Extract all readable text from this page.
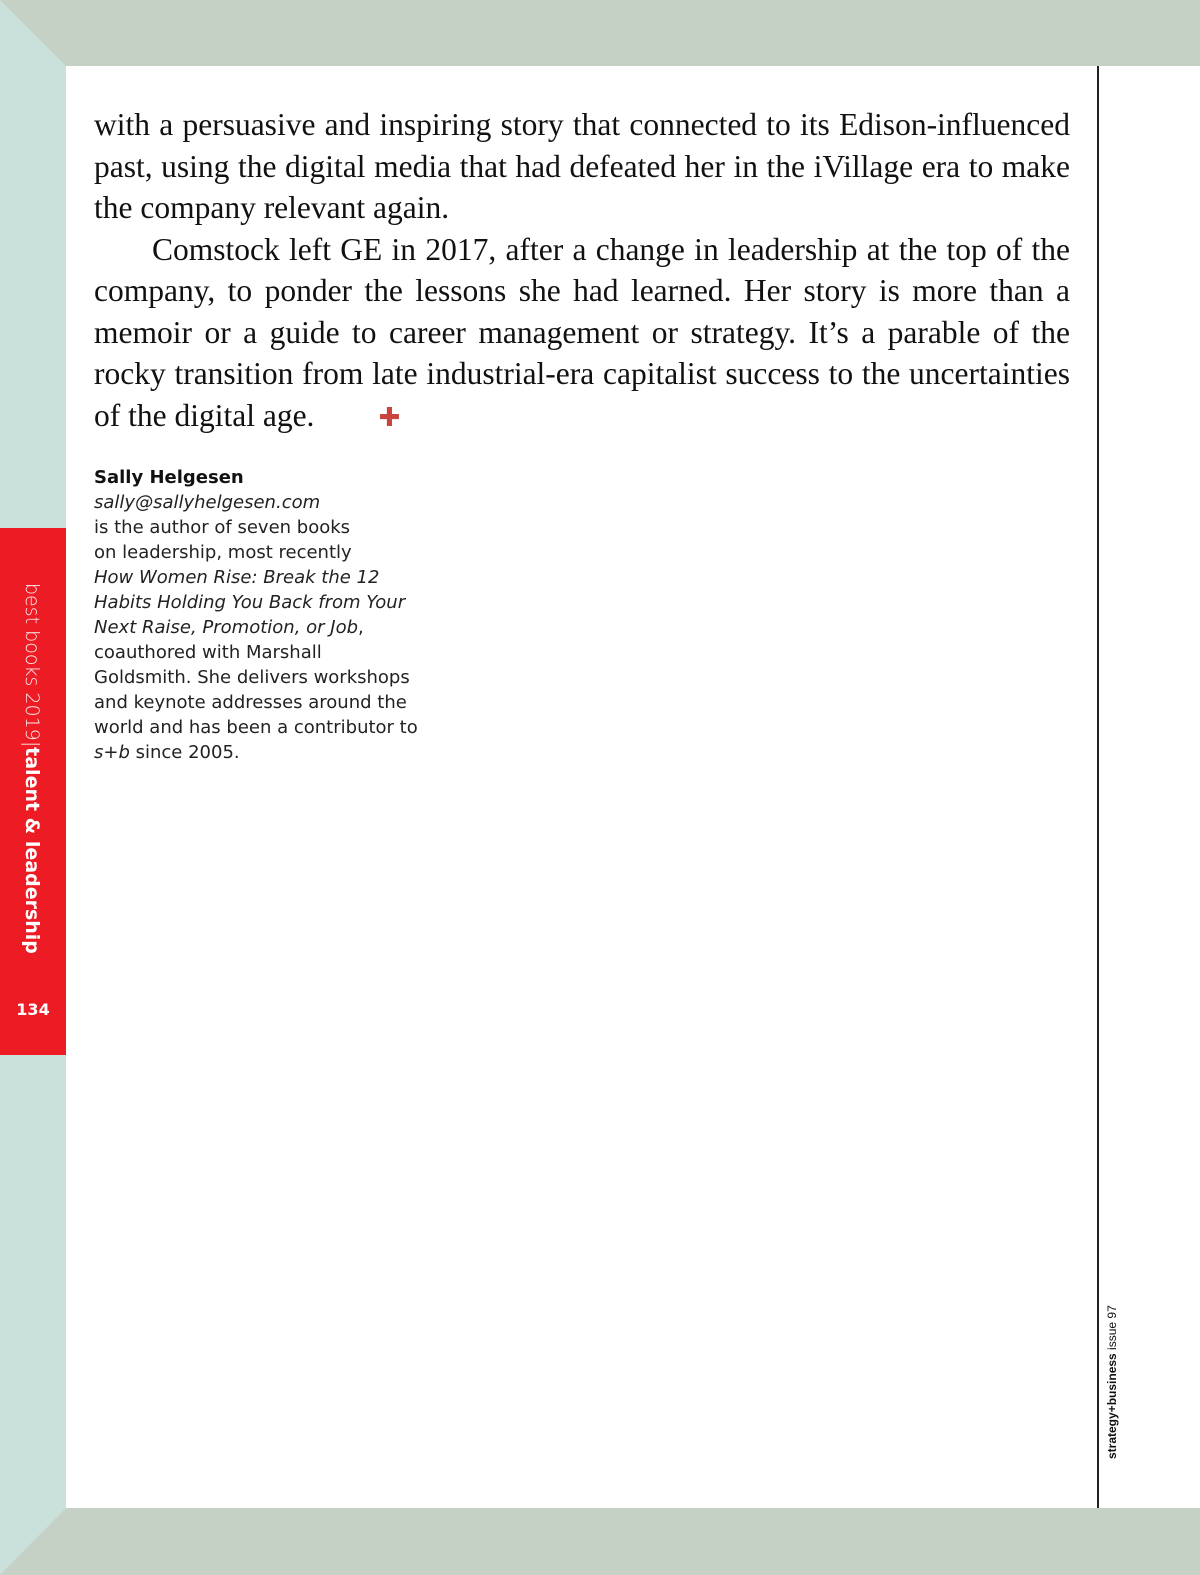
best books 2019|talent & leadership
134

with a persuasive and inspiring story that connected to its Edison-influenced past, using the digital media that had defeated her in the iVillage era to make the company relevant again.

Comstock left GE in 2017, after a change in leadership at the top of the company, to ponder the lessons she had learned. Her story is more than a memoir or a guide to career management or strategy. It’s a parable of the rocky transition from late industrial-era capitalist success to the uncertainties of the digital age. ✚

Sally Helgesen
sally@sallyhelgesen.com
is the author of seven books
on leadership, most recently
How Women Rise: Break the 12 Habits Holding You Back from Your Next Raise, Promotion, or Job, coauthored with Marshall Goldsmith. She delivers workshops and keynote addresses around the world and has been a contributor to s+b since 2005.
strategy+business issue 97
